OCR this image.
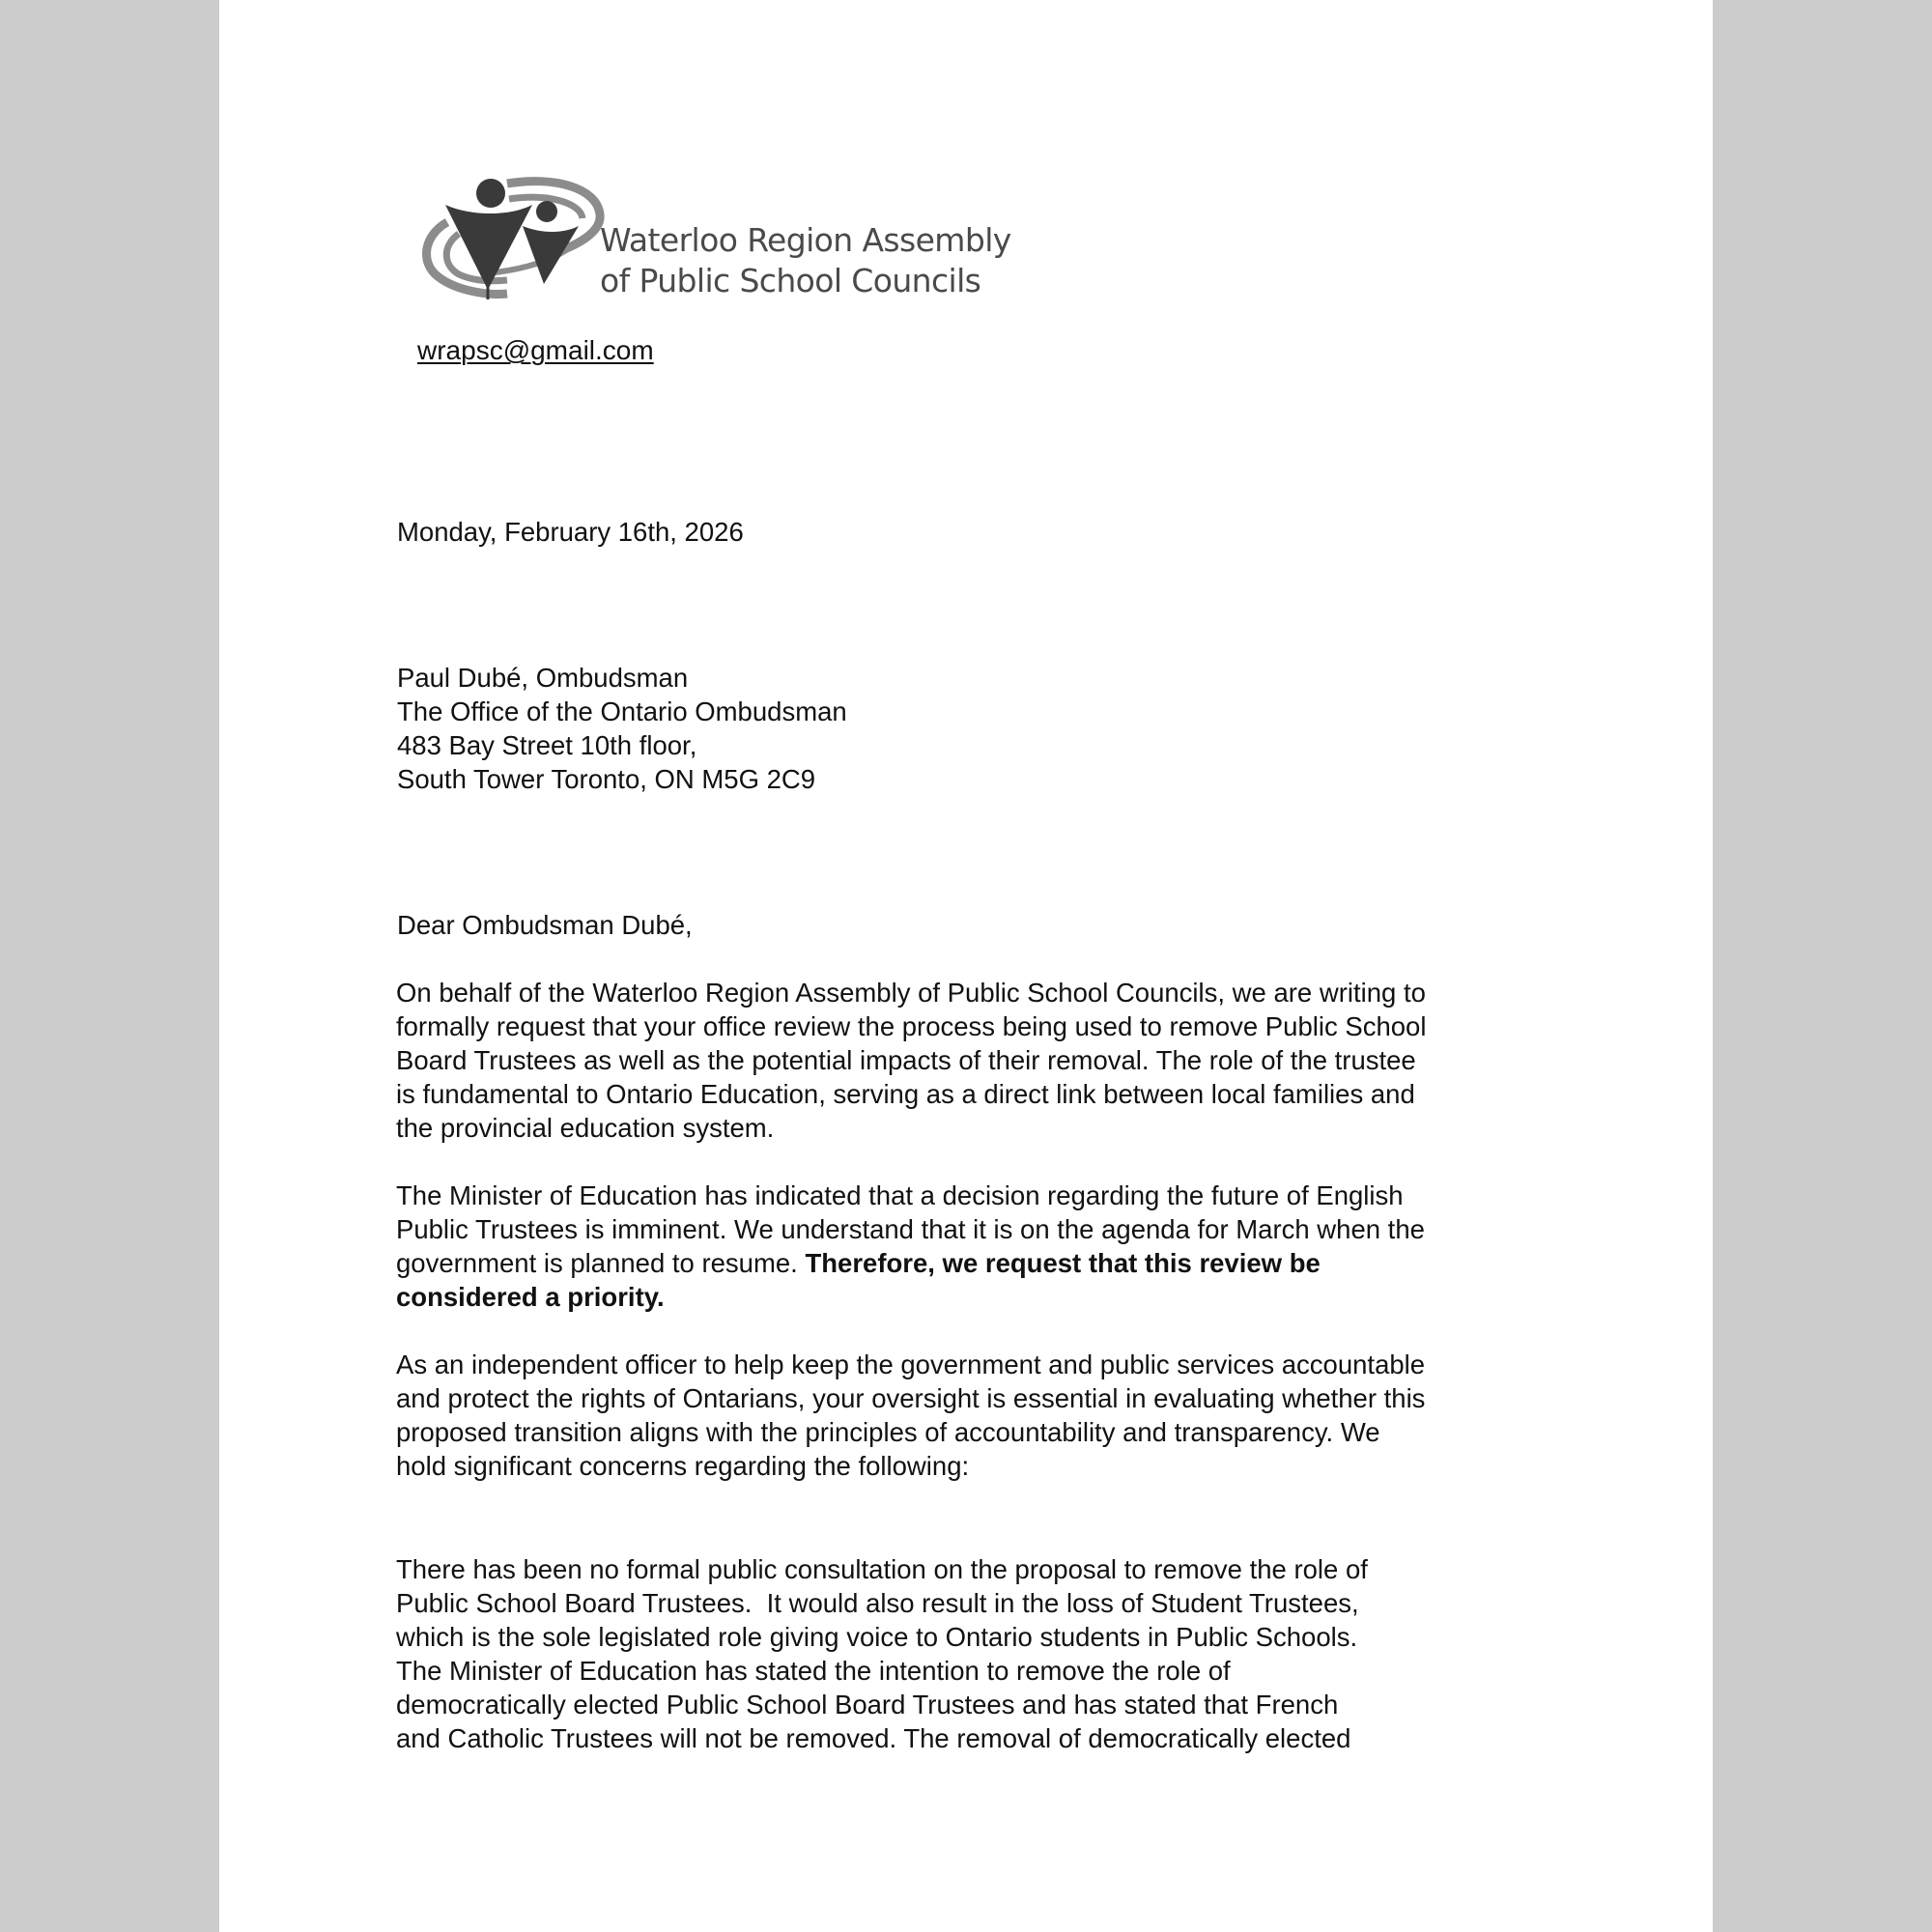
Waterloo Region Assembly
of Public School Councils
wrapsc@gmail.com
Monday, February 16th, 2026
Paul Dubé, Ombudsman
The Office of the Ontario Ombudsman
483 Bay Street 10th floor,
South Tower Toronto, ON M5G 2C9
Dear Ombudsman Dubé,
On behalf of the Waterloo Region Assembly of Public School Councils, we are writing to
formally request that your office review the process being used to remove Public School
Board Trustees as well as the potential impacts of their removal. The role of the trustee
is fundamental to Ontario Education, serving as a direct link between local families and
the provincial education system.
The Minister of Education has indicated that a decision regarding the future of English
Public Trustees is imminent. We understand that it is on the agenda for March when the
government is planned to resume. Therefore, we request that this review be
considered a priority.
As an independent officer to help keep the government and public services accountable
and protect the rights of Ontarians, your oversight is essential in evaluating whether this
proposed transition aligns with the principles of accountability and transparency. We
hold significant concerns regarding the following:

There has been no formal public consultation on the proposal to remove the role of
Public School Board Trustees.  It would also result in the loss of Student Trustees,
which is the sole legislated role giving voice to Ontario students in Public Schools.
The Minister of Education has stated the intention to remove the role of
democratically elected Public School Board Trustees and has stated that French
and Catholic Trustees will not be removed. The removal of democratically elected
